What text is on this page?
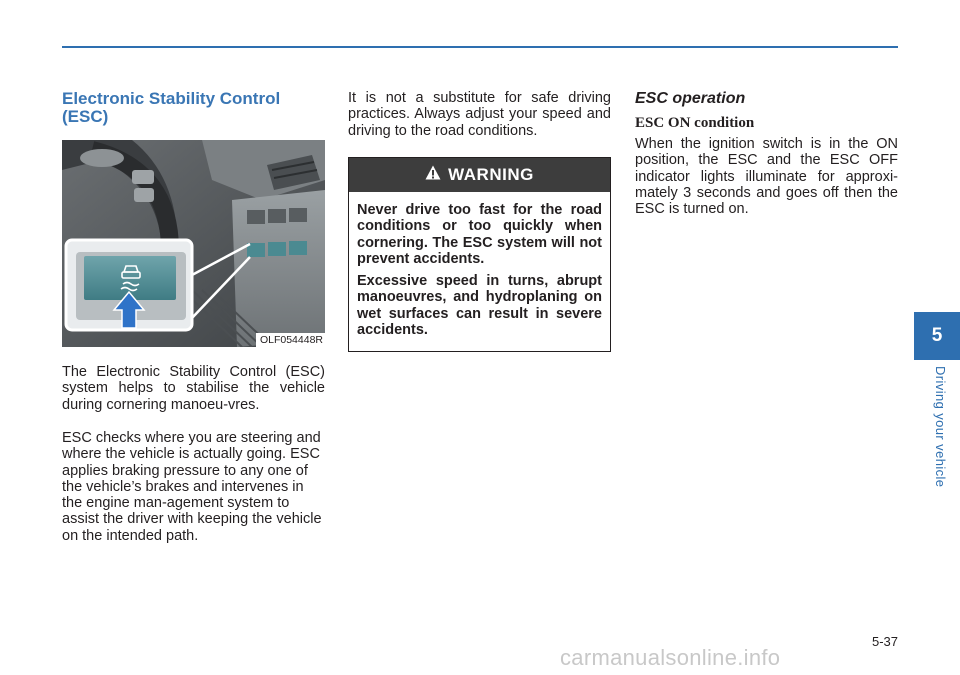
Electronic Stability Control (ESC)
OLF054448R

The Electronic Stability Control (ESC) system helps to stabilise the vehicle during cornering manoeu-vres.

ESC checks where you are steering and where the vehicle is actually going. ESC applies braking pressure to any one of the vehicle’s brakes and intervenes in the engine man-agement system to assist the driver with keeping the vehicle on the intended path.

It is not a substitute for safe driving practices. Always adjust your speed and driving to the road conditions.

WARNING

Never drive too fast for the road conditions or too quickly when cornering. The ESC system will not prevent accidents.

Excessive speed in turns, abrupt manoeuvres, and hydroplaning on wet surfaces can result in severe accidents.

ESC operation
ESC ON condition

When the ignition switch is in the ON position, the ESC and the ESC OFF indicator lights illuminate for approxi-mately 3 seconds and goes off then the ESC is turned on.

5
Driving your vehicle
5-37
carmanualsonline.info
